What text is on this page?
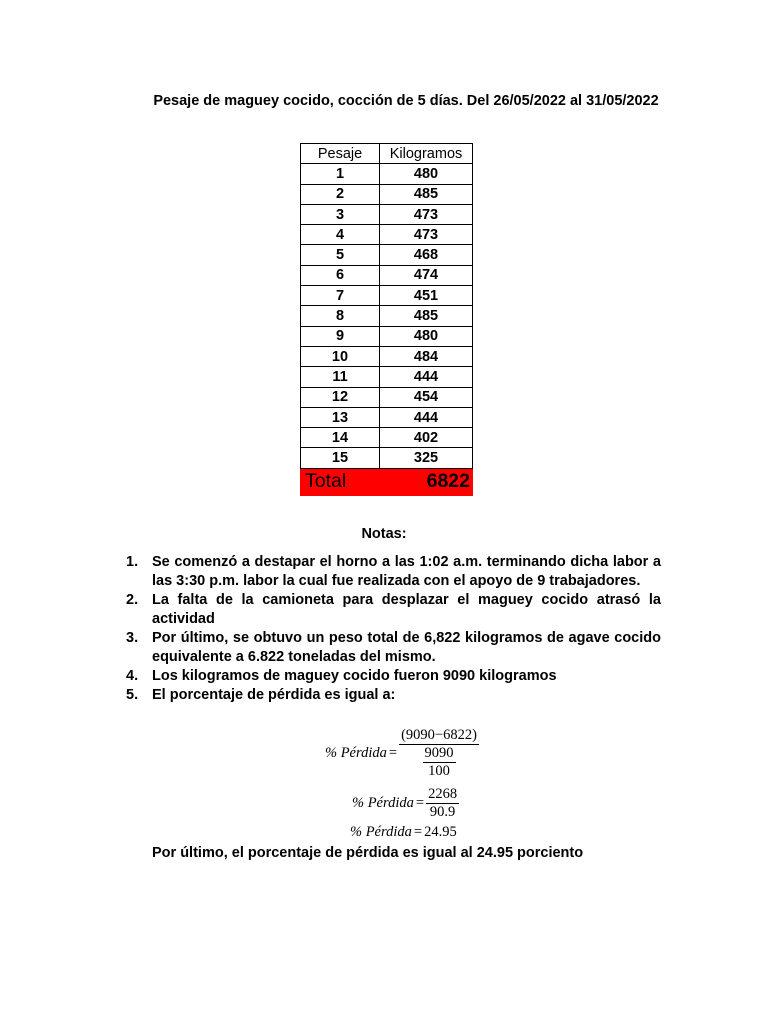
Pesaje de maguey cocido, cocción de 5 días. Del 26/05/2022 al 31/05/2022
Pesaje	Kilogramos
1	480
2	485
3	473
4	473
5	468
6	474
7	451
8	485
9	480
10	484
11	444
12	454
13	444
14	402
15	325
Total	6822
Notas:
1. Se comenzó a destapar el horno a las 1:02 a.m. terminando dicha labor a las 3:30 p.m. labor la cual fue realizada con el apoyo de 9 trabajadores.
2. La falta de la camioneta para desplazar el maguey cocido atrasó la actividad
3. Por último, se obtuvo un peso total de 6,822 kilogramos de agave cocido equivalente a 6.822 toneladas del mismo.
4. Los kilogramos de maguey cocido fueron 9090 kilogramos
5. El porcentaje de pérdida es igual a:
% Pérdida = $\frac{(9090-6822)}{\frac{9090}{100}}$
% Pérdida = $\frac{2268}{90.9}$
% Pérdida = 24.95
Por último, el porcentaje de pérdida es igual al 24.95 porciento
